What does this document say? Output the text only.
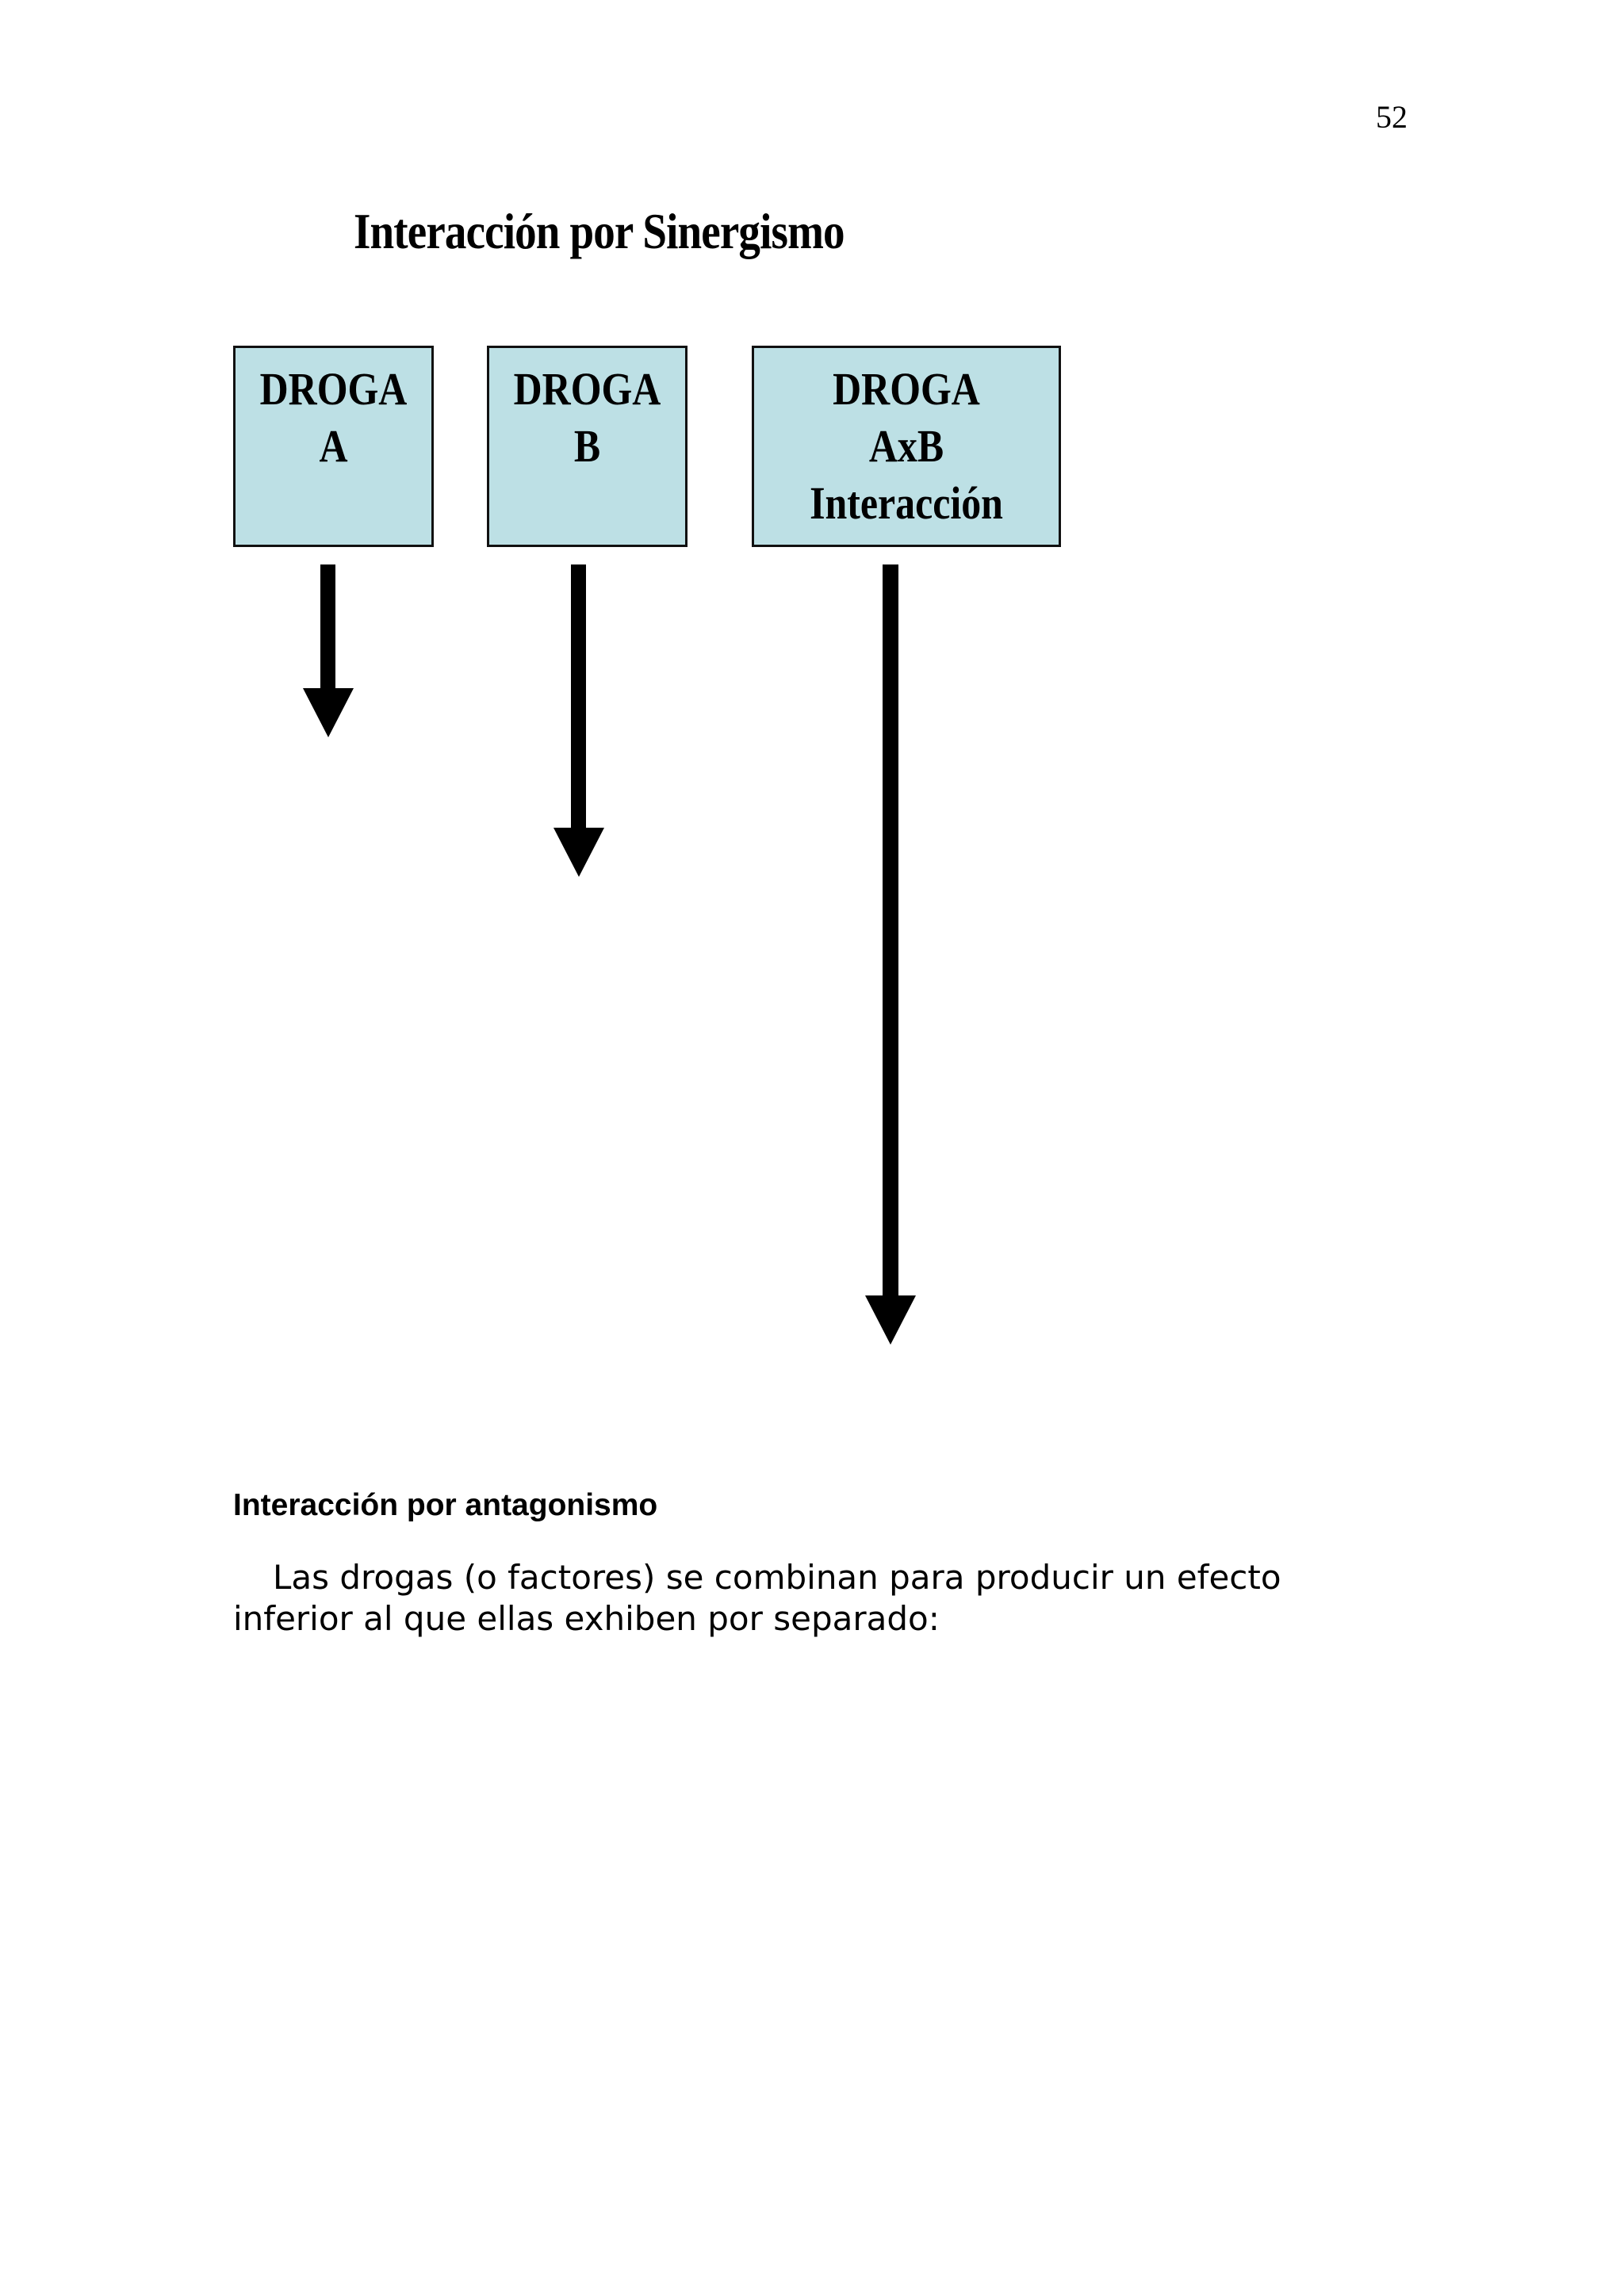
52
Interacción por Sinergismo
DROGA
A
DROGA
B
DROGA
AxB
Interacción
Interacción por antagonismo
Las drogas (o factores) se combinan para producir un efecto
inferior al que ellas exhiben por separado:
